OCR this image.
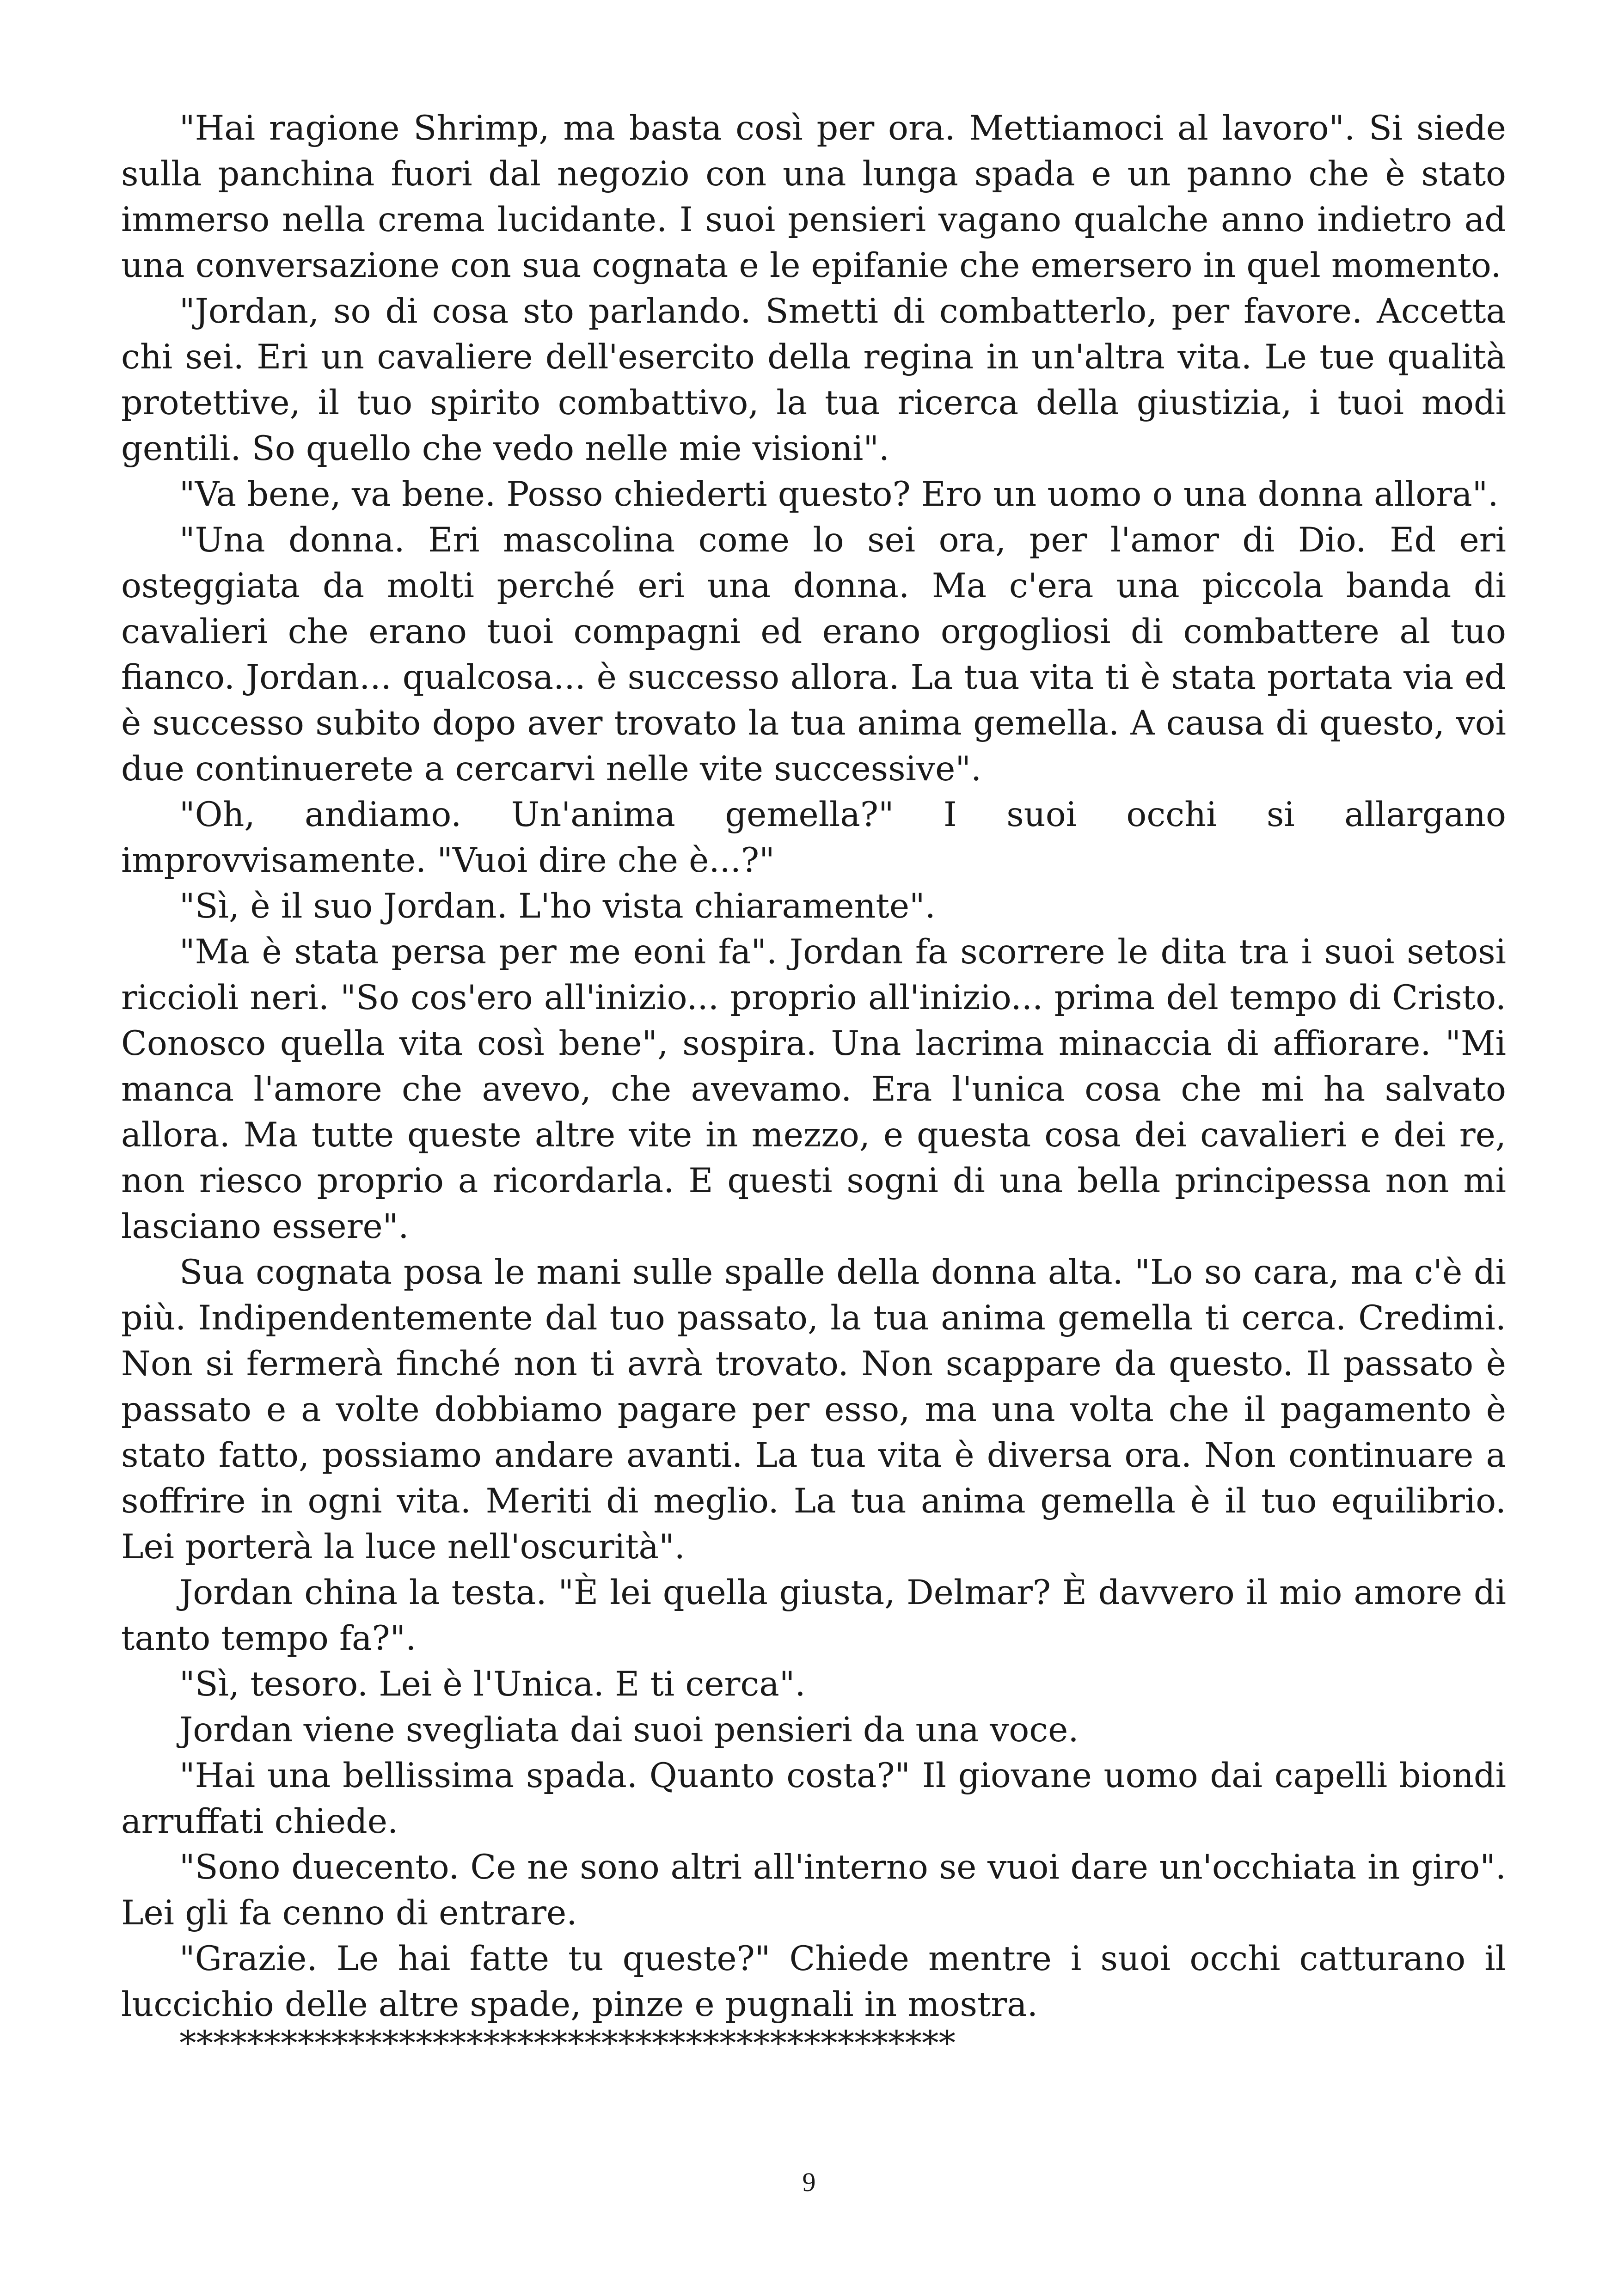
"Hai ragione Shrimp, ma basta così per ora. Mettiamoci al lavoro". Si siede sulla panchina fuori dal negozio con una lunga spada e un panno che è stato immerso nella crema lucidante. I suoi pensieri vagano qualche anno indietro ad una conversazione con sua cognata e le epifanie che emersero in quel momento.

"Jordan, so di cosa sto parlando. Smetti di combatterlo, per favore. Accetta chi sei. Eri un cavaliere dell'esercito della regina in un'altra vita. Le tue qualità protettive, il tuo spirito combattivo, la tua ricerca della giustizia, i tuoi modi gentili. So quello che vedo nelle mie visioni".

"Va bene, va bene. Posso chiederti questo? Ero un uomo o una donna allora".

"Una donna. Eri mascolina come lo sei ora, per l'amor di Dio. Ed eri osteggiata da molti perché eri una donna. Ma c'era una piccola banda di cavalieri che erano tuoi compagni ed erano orgogliosi di combattere al tuo fianco. Jordan... qualcosa... è successo allora. La tua vita ti è stata portata via ed è successo subito dopo aver trovato la tua anima gemella. A causa di questo, voi due continuerete a cercarvi nelle vite successive".

"Oh, andiamo. Un'anima gemella?" I suoi occhi si allargano improvvisamente. "Vuoi dire che è...?"

"Sì, è il suo Jordan. L'ho vista chiaramente".

"Ma è stata persa per me eoni fa". Jordan fa scorrere le dita tra i suoi setosi riccioli neri. "So cos'ero all'inizio... proprio all'inizio... prima del tempo di Cristo. Conosco quella vita così bene", sospira. Una lacrima minaccia di affiorare. "Mi manca l'amore che avevo, che avevamo. Era l'unica cosa che mi ha salvato allora. Ma tutte queste altre vite in mezzo, e questa cosa dei cavalieri e dei re, non riesco proprio a ricordarla. E questi sogni di una bella principessa non mi lasciano essere".

Sua cognata posa le mani sulle spalle della donna alta. "Lo so cara, ma c'è di più. Indipendentemente dal tuo passato, la tua anima gemella ti cerca. Credimi. Non si fermerà finché non ti avrà trovato. Non scappare da questo. Il passato è passato e a volte dobbiamo pagare per esso, ma una volta che il pagamento è stato fatto, possiamo andare avanti. La tua vita è diversa ora. Non continuare a soffrire in ogni vita. Meriti di meglio. La tua anima gemella è il tuo equilibrio. Lei porterà la luce nell'oscurità".

Jordan china la testa. "È lei quella giusta, Delmar? È davvero il mio amore di tanto tempo fa?".

"Sì, tesoro. Lei è l'Unica. E ti cerca".

Jordan viene svegliata dai suoi pensieri da una voce.

"Hai una bellissima spada. Quanto costa?" Il giovane uomo dai capelli biondi arruffati chiede.

"Sono duecento. Ce ne sono altri all'interno se vuoi dare un'occhiata in giro". Lei gli fa cenno di entrare.

"Grazie. Le hai fatte tu queste?" Chiede mentre i suoi occhi catturano il luccichio delle altre spade, pinze e pugnali in mostra.

**********************************************

9
